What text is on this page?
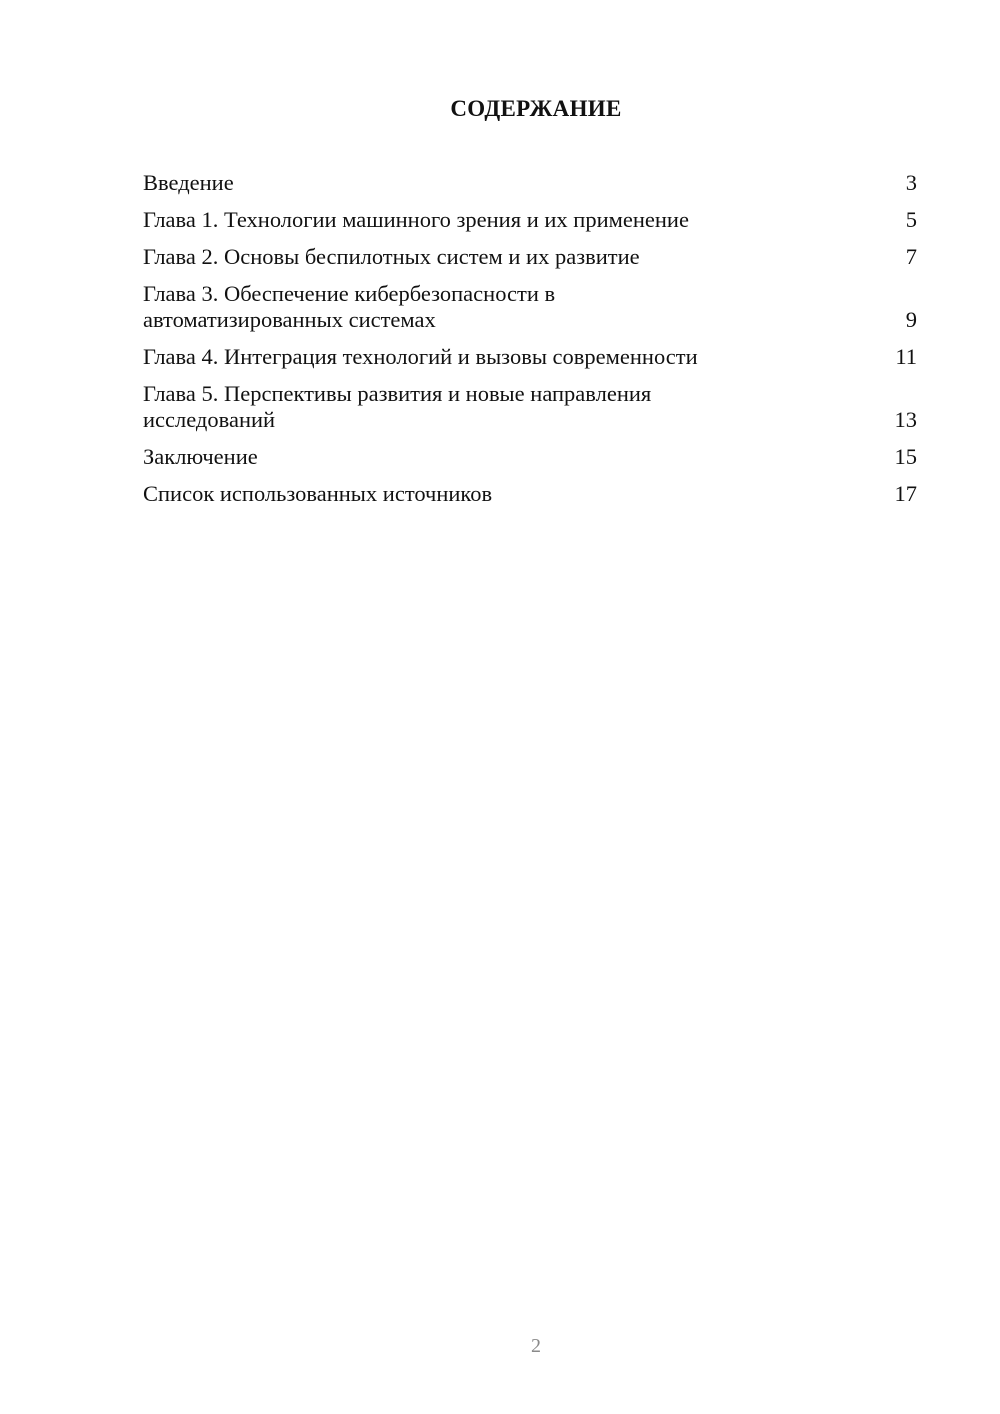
СОДЕРЖАНИЕ
Введение	3
Глава 1. Технологии машинного зрения и их применение	5
Глава 2. Основы беспилотных систем и их развитие	7
Глава 3. Обеспечение кибербезопасности в автоматизированных системах	9
Глава 4. Интеграция технологий и вызовы современности	11
Глава 5. Перспективы развития и новые направления исследований	13
Заключение	15
Список использованных источников	17
2
